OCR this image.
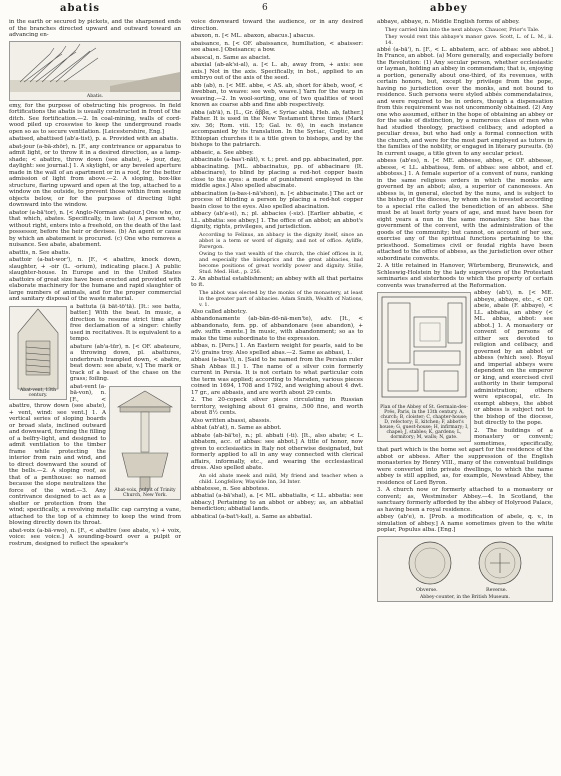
abatis	6	abbey

in the earth or secured by pickets, and the sharpened ends of the branches directed upward and outward toward an advancing en-

Abatis.

emy, for the purpose of obstructing his progress. In field fortifications the abatis is usually constructed in front of the ditch. See fortification.—2. In coal-mining, walls of cord-wood piled up crosswise to keep the underground roads open so as to secure ventilation. [Leicestershire, Eng.]

abatised, abattised (ab'a-tist), p. a. Provided with an abatis.

abat-jour (a-bä-zhör), n. [F., any contrivance or apparatus to admit light, or to throw it in a desired direction, as a lamp-shade; < abattre, throw down (see abate), + jour, day, daylight: see journal.] 1. A skylight, or any beveled aperture made in the wall of an apartment or in a roof, for the better admission of light from above.—2. A sloping, box-like structure, flaring upward and open at the top, attached to a window on the outside, to prevent those within from seeing objects below, or for the purpose of directing light downward into the window.

abator (a-bā'tor), n. [< Anglo-Norman abatour.] One who, or that which, abates. Specifically, in law: (a) A person who, without right, enters into a freehold, on the death of the last possessor, before the heir or devisee. (b) An agent or cause by which an abatement is procured. (c) One who removes a nuisance. See abate, abatement.

abattis, n. See abatis.

abattoir (a-bat-wor'), n. [F., < abattre, knock down, slaughter, + -oir (L. -orium), indicating place.] A public slaughter-house. In Europe and in the United States abattoirs of great size have been erected and provided with elaborate machinery for the humane and rapid slaughter of large numbers of animals, and for the proper commercial and sanitary disposal of the waste material.

Abat-vent, 13th century.

a battuta (ä bät-tö'tä). [It.: see batta, batter.] With the beat. In music, a direction to resume strict time after free declamation of a singer: chiefly used in recitatives. It is equivalent to a tempo.

abature (ab'a-tūr), n. [< OF. abateure, a throwing down, pl. abattures, underbrush trampled down, < abatre, beat down: see abate, v.] The mark or track of a beast of the chase on the grass; foiling.

Abat-voix, pulpit of Trinity Church, New York.

abat-vent (a-bä-von), n. [F., < abattre, throw down (see abate), + vent, wind: see vent.] 1. A vertical series of sloping boards or broad slats, inclined outward and downward, forming the filling of a belfry-light, and designed to admit ventilation to the timber frame while protecting the interior from rain and wind, and to direct downward the sound of the bells.—2. A sloping roof, as that of a penthouse: so named because the slope neutralizes the force of the wind.—3. Any contrivance designed to act as a shelter or protection from the wind; specifically, a revolving metallic cap carrying a vane, attached to the top of a chimney to keep the wind from blowing directly down its throat.

abat-voix (a-bä-vwo), n. [F., < abattre (see abate, v.) + voix, voice: see voice.] A sounding-board over a pulpit or rostrum, designed to reflect the speaker's

voice downward toward the audience, or in any desired direction.

abaxon, n. [< ML. abaxon, abacus.] abacus.

abaisance, n. [< OF. abaissance, humiliation, < abaisser: see abase.] Obeisance; a bow.

abascal, n. Same as abacist.

abaxial (ab-ak'si-al), a. [< L. ab, away from, + axis: see axis.] Not in the axis. Specifically, in bot., applied to an embryo out of the axis of the seed.

abb (ab), n. [< ME. abbe, < AS. ab, short for ābeb, woof, < āwebban, to weave: see web, weave.] Yarn for the warp in weaving.—2. In wool-sorting, one of two qualities of wool known as coarse abb and fine abb respectively.

abba (ab'ā), n. [L., Gr. ἀββα, < Syriac abbā, Heb. ab, father.] Father. It is used in the New Testament three times (Mark xiv. 36; Rom. viii. 15; Gal. iv. 6), in each instance accompanied by its translation. In the Syriac, Coptic, and Ethiopian churches it is a title given to bishops, and by the bishops to the patriarch.

abbaeic, a. See abbey.

abbacinate (a-bas'i-nāt), v. t.; pret. and pp. abbacinated, ppr. abbacinating. [ML. abbacinatus, pp. of abbacinare (It. abbacinare), to blind by placing a red-hot copper basin close to the eyes: a mode of punishment employed in the middle ages.] Also spelled abacinate.

abbacination (a-bas-i-nā'shon), n. [< abbacinate.] The act or process of blinding a person by placing a red-hot copper basin close to the eyes. Also spelled abacination.

abbacy (ab'a-si), n.; pl. abbacies (-siz). [Earlier abbatie, < LL. abbatia: see abbey.] 1. The office of an abbot; an abbot's dignity, rights, privileges, and jurisdiction.

According to Felinus, an abbacy is the dignity itself, since an abbot is a term or word of dignity, and not of office. Ayliffe, Parergon.

Owing to the vast wealth of the church, the chief offices in it, and especially the bishoprics and the great abbacies, had become positions of great worldly power and dignity. Stille, Stud. Med. Hist., p. 256.

2. An abbatial establishment; an abbey with all that pertains to it.

The abbot was elected by the monks of the monastery, at least in the greater part of abbacies. Adam Smith, Wealth of Nations, v. 1.

Also called abbotcy.

abbandonamente (ab-bän-dō-nä-men'te), adv. [It., < abbandonato, fem. pp. of abbandonare (see abandon), + adv. suffix -mente.] In music, with abandonment; so as to make the time subordinate to the expression.

abbas, n. [Pers.] 1. An Eastern weight for pearls, said to be 2½ grains troy. Also spelled abas.—2. Same as abbasi, 1.

abbasi (a-bas'i), n. [Said to be named from the Persian ruler Shah Abbas II.] 1. The name of a silver coin formerly current in Persia. It is not certain to what particular coin the term was applied; according to Marsden, various pieces coined in 1694, 1708 and 1792, and weighing about 4 dwt. 17 gr., are abbasis, and are worth about 29 cents.

2. The 20-copeck silver piece circulating in Russian territory, weighing about 61 grains, .500 fine, and worth about 8½ cents.

Also written abassi, abassis.

abbat (ab'at), n. Same as abbot.

abbate (ab-bä'te), n.; pl. abbati (-ti). [It., also abate; < L. abbatem, acc. of abbas: see abbot.] A title of honor, now given to ecclesiastics in Italy not otherwise designated, but formerly applied to all in any way connected with clerical affairs, informally, etc., and wearing the ecclesiastical dress. Also spelled abate.

An old abate meek and mild, My friend and teacher when a child. Longfellow, Wayside Inn, 3d Inter.

abbatesse, n. See abbotess.

abbatial (a-bā'shal), a. [< ML. abbatialis, < LL. abbatia: see abbacy.] Pertaining to an abbot or abbey; as, an abbatial benediction; abbatial lands.

abbatical (a-bat'i-kal), a. Same as abbatial.

abbaye, abbaye, n. Middle English forms of abbey.

They carried him into the next abbaye. Chaucer, Prior's Tale.

They would rent this abbaye's manor gave. Scott, L. of L. M., ii. 14.

abbé (a-bā'), n. [F., < L. abbatem, acc. of abbas: see abbot.] In France, an abbot. (a) More generally, and especially before the Revolution: (1) Any secular person, whether ecclesiastic or layman, holding an abbey in commendam; that is, enjoying a portion, generally about one-third, of its revenues, with certain honors, but, except by privilege from the pope, having no jurisdiction over the monks, and not bound to residence. Such persons were styled abbés commendataires, and were required to be in orders, though a dispensation from this requirement was not uncommonly obtained. (2) Any one who assumed, either in the hope of obtaining an abbey or for the sake of distinction, by a numerous class of men who had studied theology, practised celibacy, and adopted a peculiar dress, but who had only a formal connection with the church, and were for the most part employed as tutors in the families of the nobility, or engaged in literary pursuits. (b) In current usage, a title given to any secular priest.

abbess (ab'es), n. [< ME. abbesse, abbes, < OF. abbesse, abesse, < LL. abbatissa, fem. of abbas: see abbot, and cf. abbotess.] 1. A female superior of a convent of nuns, ranking in the same religious orders in which the monks are governed by an abbot; also, a superior of canonesses. An abbess is, in general, elected by the nuns, and is subject to the bishop of the diocese, by whom she is invested according to a special rite called the benediction of an abbess. She must be at least forty years of age, and must have been for eight years a nun in the same monastery. She has the government of the convent, with the administration of the goods of the community; but cannot, on account of her sex, exercise any of the spiritual functions pertaining to the priesthood. Sometimes civil or feudal rights have been attached to the office of abbess, as the jurisdiction over other subordinate convents.

2. A title retained in Hanover, Würtemberg, Brunswick, and Schleswig-Holstein by the lady supervisors of the Protestant seminaries and sisterhoods to which the property of certain convents was transferred at the Reformation.

Plan of the Abbey of St. Germain-des-Prés, Paris, in the 13th century. A, church; B, cloister; C, chapter-house; D, refectory; E, kitchen; F, abbot's house; G, guest-house; H, infirmary; I, chapel; J, stables; K, gardens; L, dormitory; M, walls; N, gate.

abbey (ab'i), n. [< ME. abbeye, abbaye, etc., < OF. abeie, abaie (F. abbaye), < LL. abbatia, an abbey (< ML. abbas, abbot: see abbot.] 1. A monastery or convent of persons of either sex devoted to religion and celibacy, and governed by an abbot or abbess (which see). Royal and imperial abbeys were dependent on the emperor or king, and exercised civil authority in their temporal administration; others were episcopal, etc. In exempt abbeys, the abbot or abbess is subject not to the bishop of the diocese, but directly to the pope.

2. The buildings of a monastery or convent; sometimes, specifically, that part which is the home set apart for the residence of the abbot or abbess. After the suppression of the English monasteries by Henry VIII., many of the conventual buildings were converted into private dwellings, to which the name abbey is still applied, as, for example, Newstead Abbey, the residence of Lord Byron.

3. A church now or formerly attached to a monastery or convent; as, Westminster Abbey.—4. In Scotland, the sanctuary formerly afforded by the abbey of Holyrood Palace, as having been a royal residence.

abbey (ab'e), n. [Prob. a modification of abele, q. v., in simulation of abbey.] A name sometimes given to the white poplar, Populus alba. [Eng.]

Obverse.	Reverse.
Abbey-counter, in the British Museum.
